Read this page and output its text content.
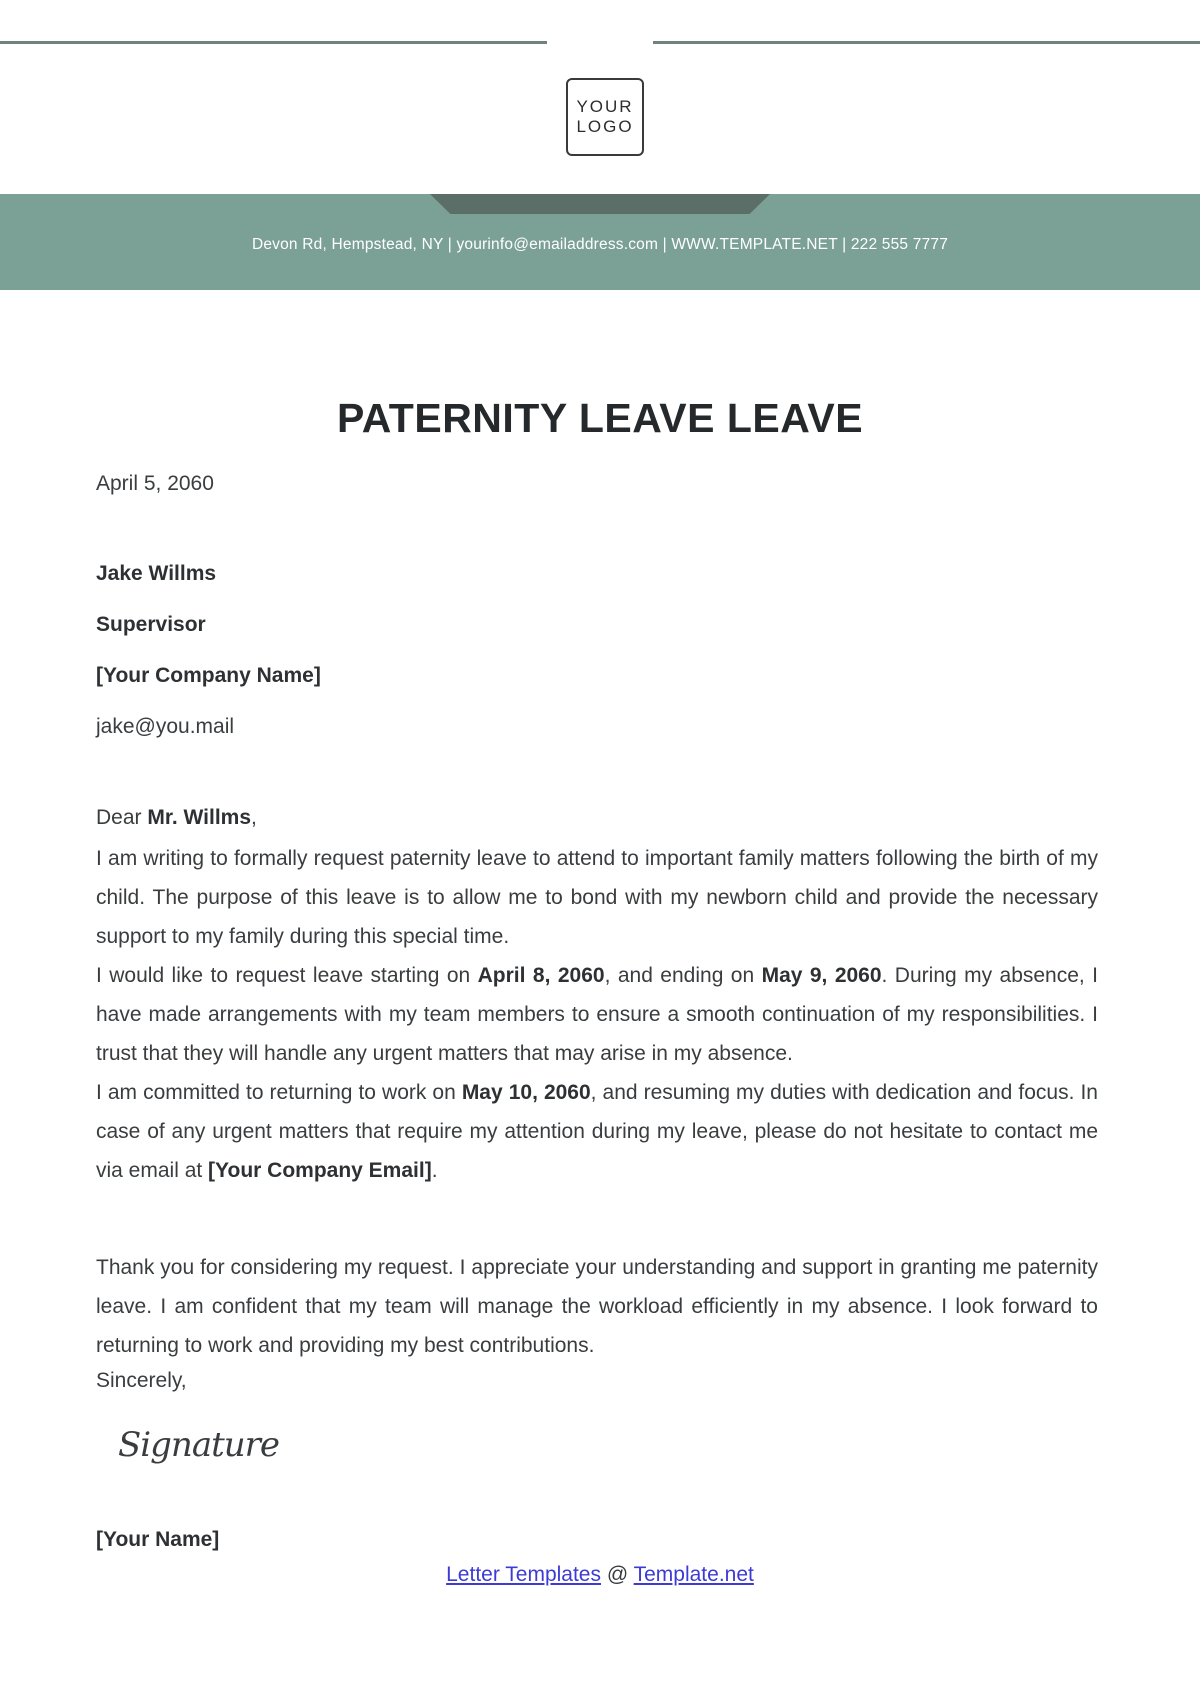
YOUR
LOGO
Devon Rd, Hempstead, NY | yourinfo@emailaddress.com | WWW.TEMPLATE.NET | 222 555 7777
PATERNITY LEAVE LEAVE
April 5, 2060
Jake Willms
Supervisor
[Your Company Name]
jake@you.mail
Dear Mr. Willms,
I am writing to formally request paternity leave to attend to important family matters following the birth of my child. The purpose of this leave is to allow me to bond with my newborn child and provide the necessary support to my family during this special time.
I would like to request leave starting on April 8, 2060, and ending on May 9, 2060. During my absence, I have made arrangements with my team members to ensure a smooth continuation of my responsibilities. I trust that they will handle any urgent matters that may arise in my absence.
I am committed to returning to work on May 10, 2060, and resuming my duties with dedication and focus. In case of any urgent matters that require my attention during my leave, please do not hesitate to contact me via email at [Your Company Email].
Thank you for considering my request. I appreciate your understanding and support in granting me paternity leave. I am confident that my team will manage the workload efficiently in my absence. I look forward to returning to work and providing my best contributions.
Sincerely,
Signature
[Your Name]
Letter Templates @ Template.net
